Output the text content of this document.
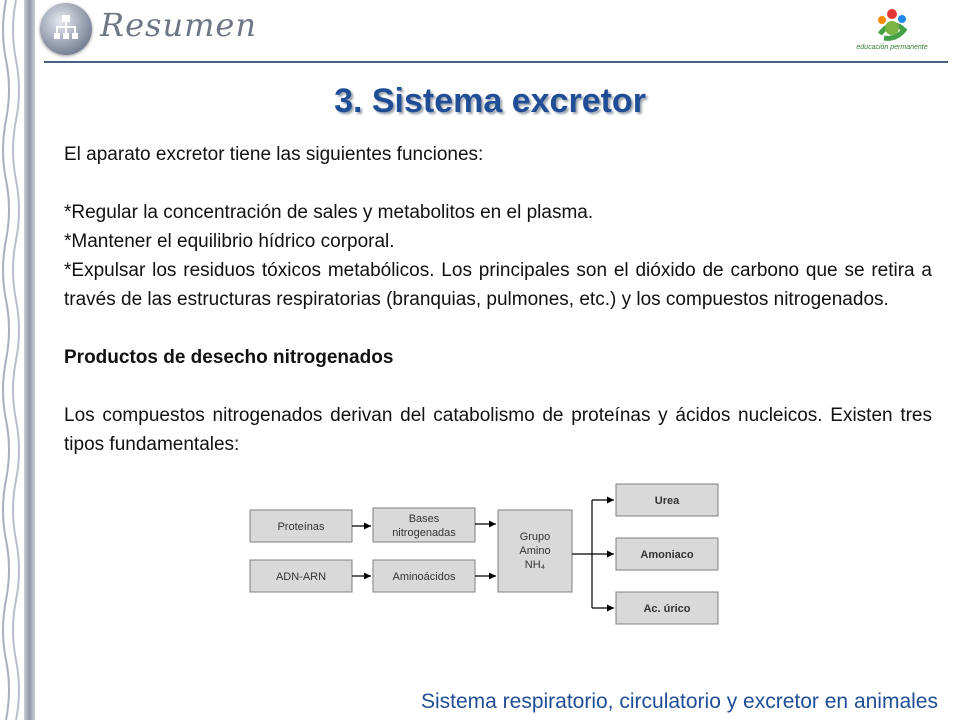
Resumen
educación permanente
3. Sistema excretor

El aparato excretor tiene las siguientes funciones:

*Regular la concentración de sales y metabolitos en el plasma.

*Mantener el equilibrio hídrico corporal.

*Expulsar los residuos tóxicos metabólicos. Los principales son el dióxido de carbono que se retira a través de las estructuras respiratorias (branquias, pulmones, etc.) y los compuestos nitrogenados.

Productos de desecho nitrogenados

Los compuestos nitrogenados derivan del catabolismo de proteínas y ácidos nucleicos. Existen tres tipos fundamentales:

Proteínas
ADN-ARN
Bases
nitrogenadas
Aminoácidos
Grupo
Amino
NH₄
Urea
Amoniaco
Ac. úrico
Sistema respiratorio, circulatorio y excretor en animales
